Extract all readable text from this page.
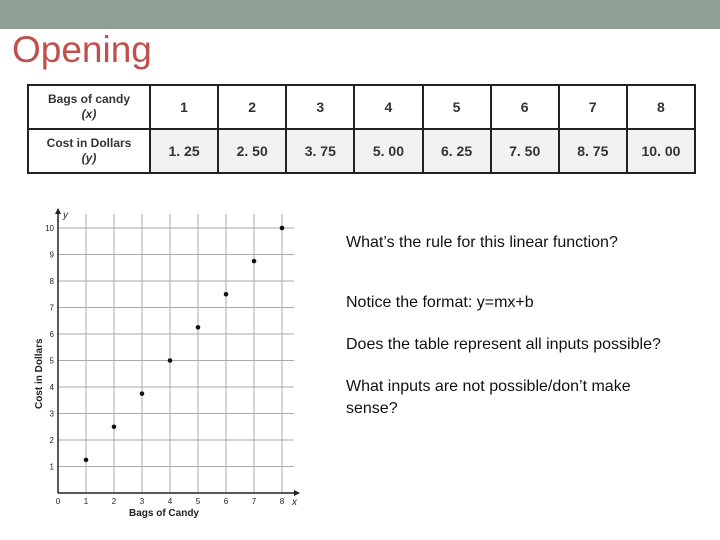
Opening
Bags of candy
(x)	1	2	3	4	5	6	7	8

Cost in Dollars
(y)	1. 25	2. 50	3. 75	5. 00	6. 25	7. 50	8. 75	10. 00
y
x
1
2
3
4
5
6
7
8
9
10
0	1	2	3	4	5	6	7	8
Bags of Candy
Cost in Dollars

What’s the rule for this linear function?

Notice the format: y=mx+b

Does the table represent all inputs possible?

What inputs are not possible/don’t make sense?
